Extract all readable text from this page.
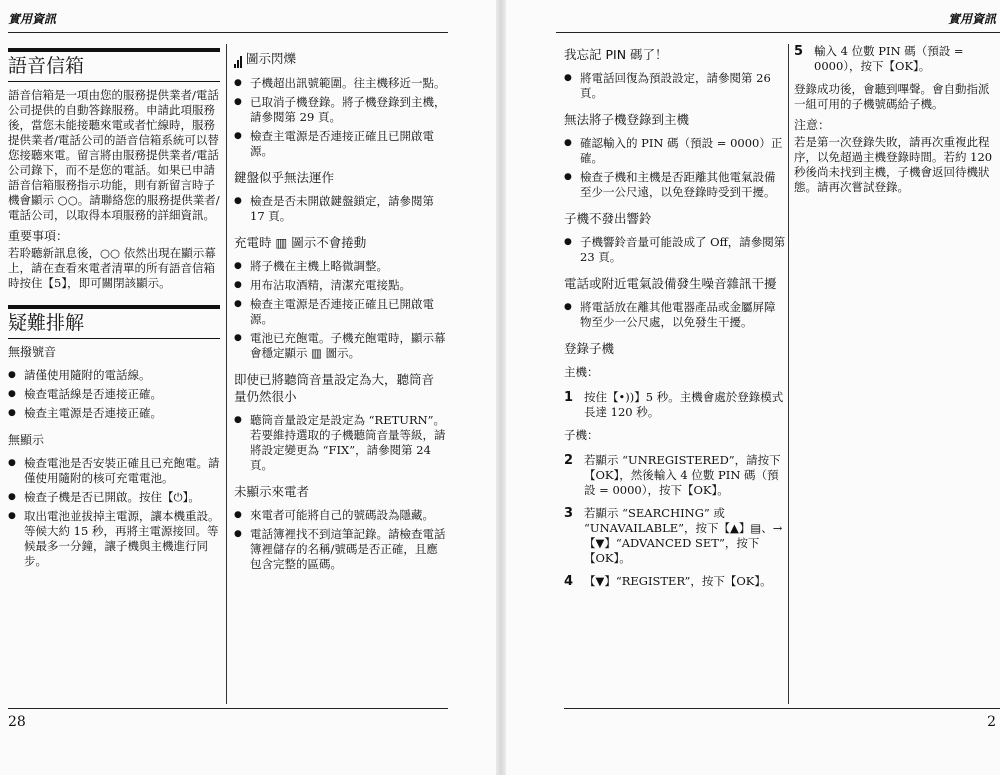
實用資訊
語音信箱

語音信箱是一項由您的服務提供業者/電話公司提供的自動答錄服務。申請此項服務後，當您未能接聽來電或者忙線時，服務提供業者/電話公司的語音信箱系統可以替您接聽來電。留言將由服務提供業者/電話公司錄下，而不是您的電話。如果已申請語音信箱服務指示功能，則有新留言時子機會顯示 ○○。請聯絡您的服務提供業者/電話公司，以取得本項服務的詳細資訊。

重要事項：

若聆聽新訊息後，○○ 依然出現在顯示幕上，請在查看來電者清單的所有語音信箱時按住【5】，即可關閉該顯示。

疑難排解
無撥號音
● 請僅使用隨附的電話線。
● 檢查電話線是否連接正確。
● 檢查主電源是否連接正確。
無顯示
● 檢查電池是否安裝正確且已充飽電。請僅使用隨附的核可充電電池。
● 檢查子機是否已開啟。按住【⏻】。
● 取出電池並拔掉主電源，讓本機重設。等候大約 15 秒，再將主電源接回。等候最多一分鐘，讓子機與主機進行同步。
圖示閃爍
● 子機超出訊號範圍。往主機移近一點。
● 已取消子機登錄。將子機登錄到主機，請參閱第 29 頁。
● 檢查主電源是否連接正確且已開啟電源。
鍵盤似乎無法運作
● 檢查是否未開啟鍵盤鎖定，請參閱第 17 頁。
充電時 ▥ 圖示不會捲動
● 將子機在主機上略微調整。
● 用布沾取酒精，清潔充電接點。
● 檢查主電源是否連接正確且已開啟電源。
● 電池已充飽電。子機充飽電時，顯示幕會穩定顯示 ▥ 圖示。
即使已將聽筒音量設定為大，聽筒音量仍然很小
● 聽筒音量設定是設定為 “RETURN”。若要維持選取的子機聽筒音量等級，請將設定變更為 “FIX”，請參閱第 24 頁。
未顯示來電者
● 來電者可能將自己的號碼設為隱藏。
● 電話簿裡找不到這筆記錄。請檢查電話簿裡儲存的名稱/號碼是否正確，且應包含完整的區碼。
28
實用資訊
我忘記 PIN 碼了！
● 將電話回復為預設設定，請參閱第 26 頁。
無法將子機登錄到主機
● 確認輸入的 PIN 碼（預設 = 0000）正確。
● 檢查子機和主機是否距離其他電氣設備至少一公尺遠，以免登錄時受到干擾。
子機不發出響鈴
● 子機響鈴音量可能設成了 Off，請參閱第 23 頁。
電話或附近電氣設備發生噪音雜訊干擾
● 將電話放在離其他電器產品或金屬屏障物至少一公尺處，以免發生干擾。
登錄子機
主機：
1 按住【•))】5 秒。主機會處於登錄模式長達 120 秒。
子機：
2 若顯示 “UNREGISTERED”，請按下【OK】，然後輸入 4 位數 PIN 碼（預設 = 0000），按下【OK】。
3 若顯示 “SEARCHING” 或 “UNAVAILABLE”，按下【▲】▤、→【▼】“ADVANCED SET”，按下【OK】。
4 【▼】“REGISTER”，按下【OK】。
5 輸入 4 位數 PIN 碼（預設 = 0000），按下【OK】。

登錄成功後，會聽到嗶聲。會自動指派一組可用的子機號碼給子機。

注意：

若是第一次登錄失敗，請再次重複此程序，以免超過主機登錄時間。若約 120 秒後尚未找到主機，子機會返回待機狀態。請再次嘗試登錄。

2
